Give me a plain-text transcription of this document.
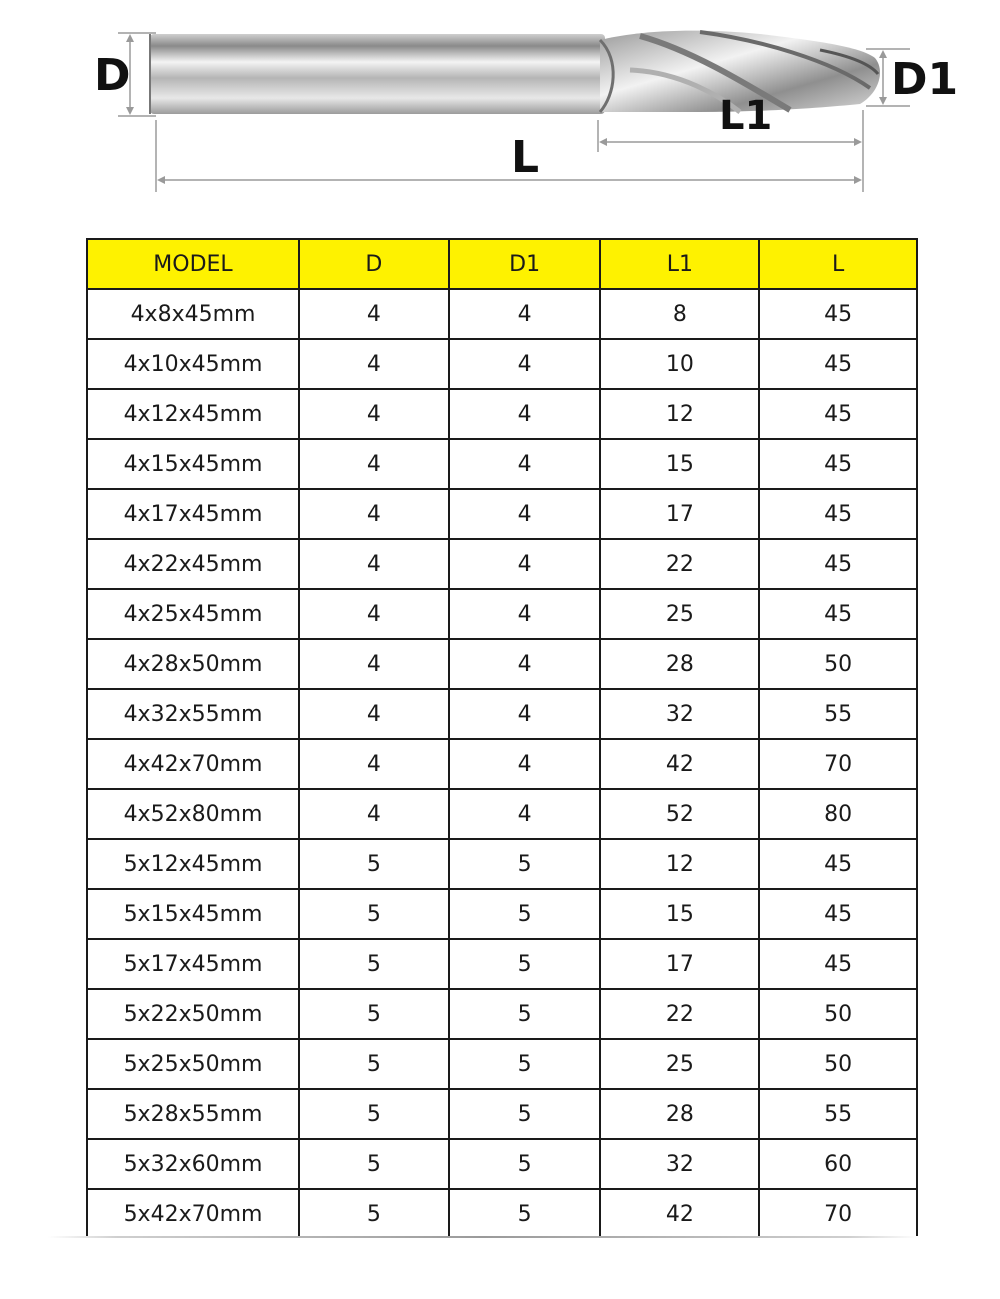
D	D1
L1
L
MODEL	D	D1	L1	L
4x8x45mm	4	4	8	45
4x10x45mm	4	4	10	45
4x12x45mm	4	4	12	45
4x15x45mm	4	4	15	45
4x17x45mm	4	4	17	45
4x22x45mm	4	4	22	45
4x25x45mm	4	4	25	45
4x28x50mm	4	4	28	50
4x32x55mm	4	4	32	55
4x42x70mm	4	4	42	70
4x52x80mm	4	4	52	80
5x12x45mm	5	5	12	45
5x15x45mm	5	5	15	45
5x17x45mm	5	5	17	45
5x22x50mm	5	5	22	50
5x25x50mm	5	5	25	50
5x28x55mm	5	5	28	55
5x32x60mm	5	5	32	60
5x42x70mm	5	5	42	70
